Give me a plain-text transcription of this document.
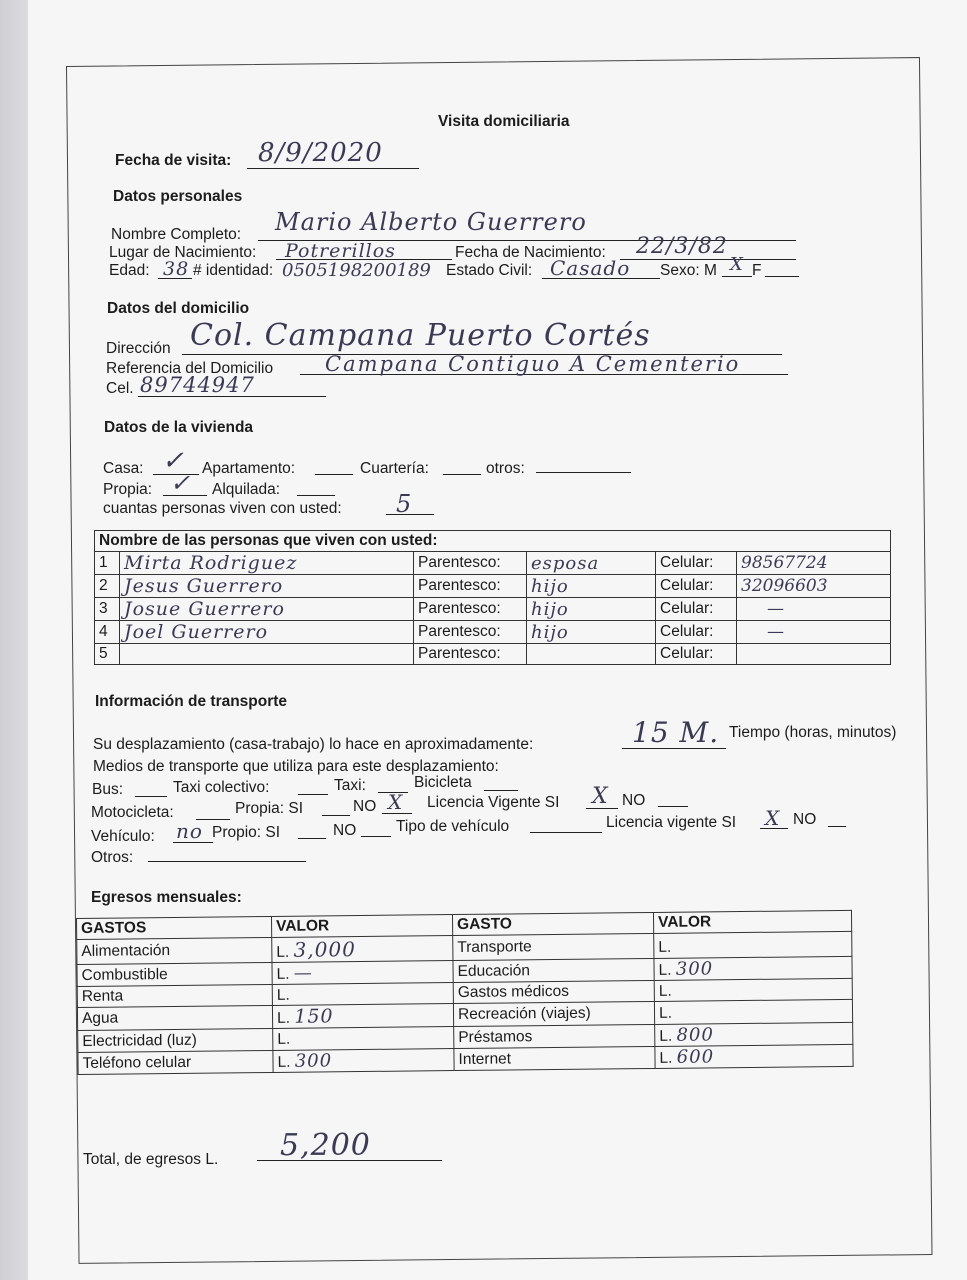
Visita domiciliaria
Fecha de visita: 8/9/2020
Datos personales
Nombre Completo: Mario Alberto Guerrero
Lugar de Nacimiento: Potrerillos	Fecha de Nacimiento: 22/3/82
Edad: 38 # identidad: 0505198200189 Estado Civil: Casado Sexo: M X F
Datos del domicilio
Dirección Col. Campana Puerto Cortés
Referencia del Domicilio Campana Contiguo A Cementerio
Cel. 89744947
Datos de la vivienda
Casa: ✓ Apartamento:	Cuartería:	otros:
Propia: ✓ Alquilada:
cuantas personas viven con usted: 5
Nombre de las personas que viven con usted:					
1	Mirta Rodriguez	Parentesco:	esposa	Celular:	98567724
2	Jesus Guerrero	Parentesco:	hijo	Celular:	32096603
3	Josue Guerrero	Parentesco:	hijo	Celular:	—
4	Joel Guerrero	Parentesco:	hijo	Celular:	—
5		Parentesco:		Celular:	
Información de transporte
Su desplazamiento (casa-trabajo) lo hace en aproximadamente:	15 M. Tiempo (horas, minutos)
Medios de transporte que utiliza para este desplazamiento:
Bus:	Taxi colectivo:	Taxi:	Bicicleta
Motocicleta:	Propia: SI	NO X Licencia Vigente SI X NO
Vehículo: no Propio: SI	NO	Tipo de vehículo	Licencia vigente SI X NO
Otros:
Egresos mensuales:
GASTOS	VALOR	GASTO	VALOR
Alimentación	L. 3,000	Transporte	L.
Combustible	L. —	Educación	L. 300
Renta	L.	Gastos médicos	L.
Agua	L. 150	Recreación (viajes)	L.
Electricidad (luz)	L.	Préstamos	L. 800
Teléfono celular	L. 300	Internet	L. 600
Total, de egresos L. 5,200
